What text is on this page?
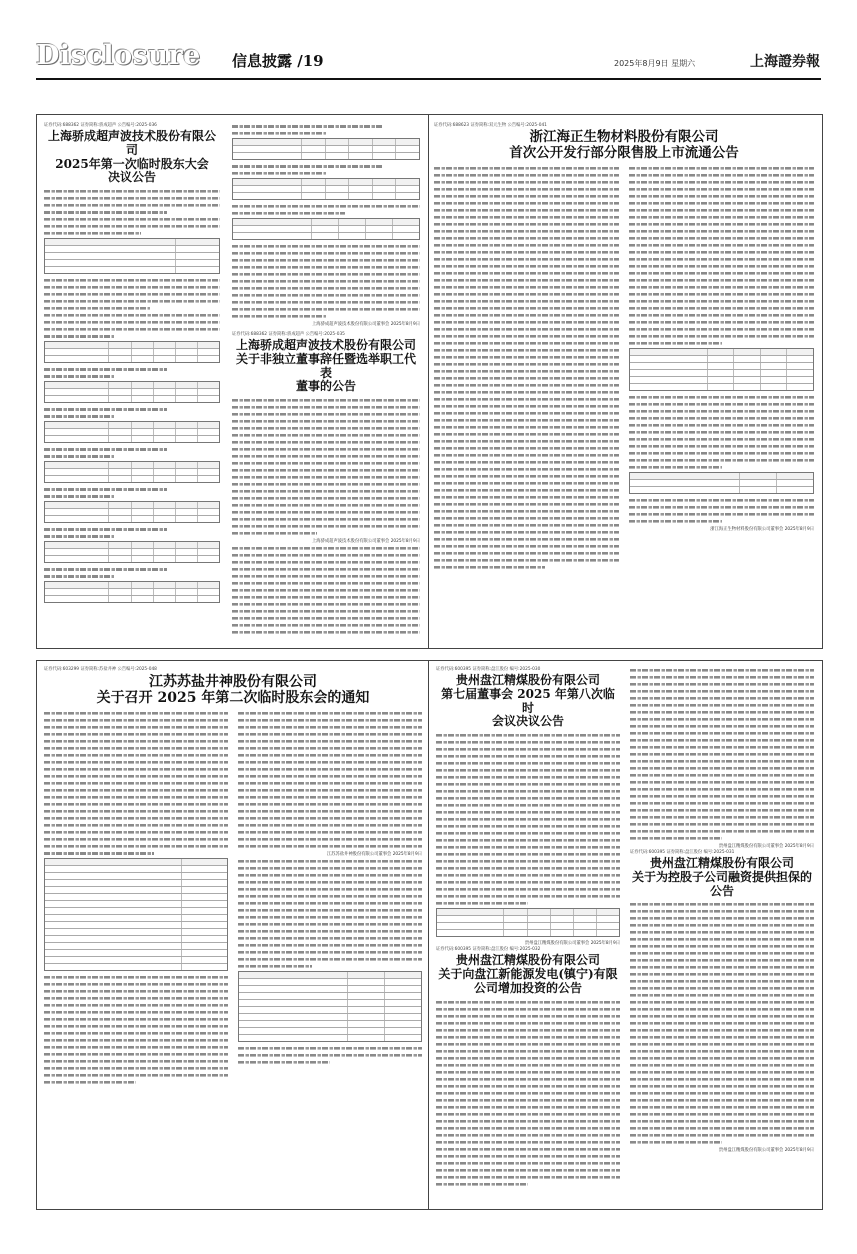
Disclosure 信息披露 /19	2025年8月9日 星期六	上海證券報
证券代码:688362 证券简称:骄成超声 公告编号:2025-036
上海骄成超声波技术股份有限公司
2025年第一次临时股东大会
决议公告
上海骄成超声波技术股份有限公司董事会 2025年8月9日
证券代码:688362 证券简称:骄成超声 公告编号:2025-035
上海骄成超声波技术股份有限公司
关于非独立董事辞任暨选举职工代表
董事的公告
上海骄成超声波技术股份有限公司董事会 2025年8月9日
证券代码:688623 证券简称:双元生物 公告编号:2025-041
浙江海正生物材料股份有限公司
首次公开发行部分限售股上市流通公告
浙江海正生物材料股份有限公司董事会 2025年8月9日
证券代码:603299 证券简称:苏盐井神 公告编号:2025-048
江苏苏盐井神股份有限公司
关于召开 2025 年第二次临时股东会的通知
江苏苏盐井神股份有限公司董事会 2025年8月9日
证券代码:600395 证券简称:盘江股份 编号:2025-030
贵州盘江精煤股份有限公司
第七届董事会 2025 年第八次临时
会议决议公告
贵州盘江精煤股份有限公司董事会 2025年8月9日
证券代码:600395 证券简称:盘江股份 编号:2025-032
贵州盘江精煤股份有限公司
关于向盘江新能源发电(镇宁)有限
公司增加投资的公告
贵州盘江精煤股份有限公司董事会 2025年8月9日
证券代码:600395 证券简称:盘江股份 编号:2025-031
贵州盘江精煤股份有限公司
关于为控股子公司融资提供担保的
公告
贵州盘江精煤股份有限公司董事会 2025年8月9日
